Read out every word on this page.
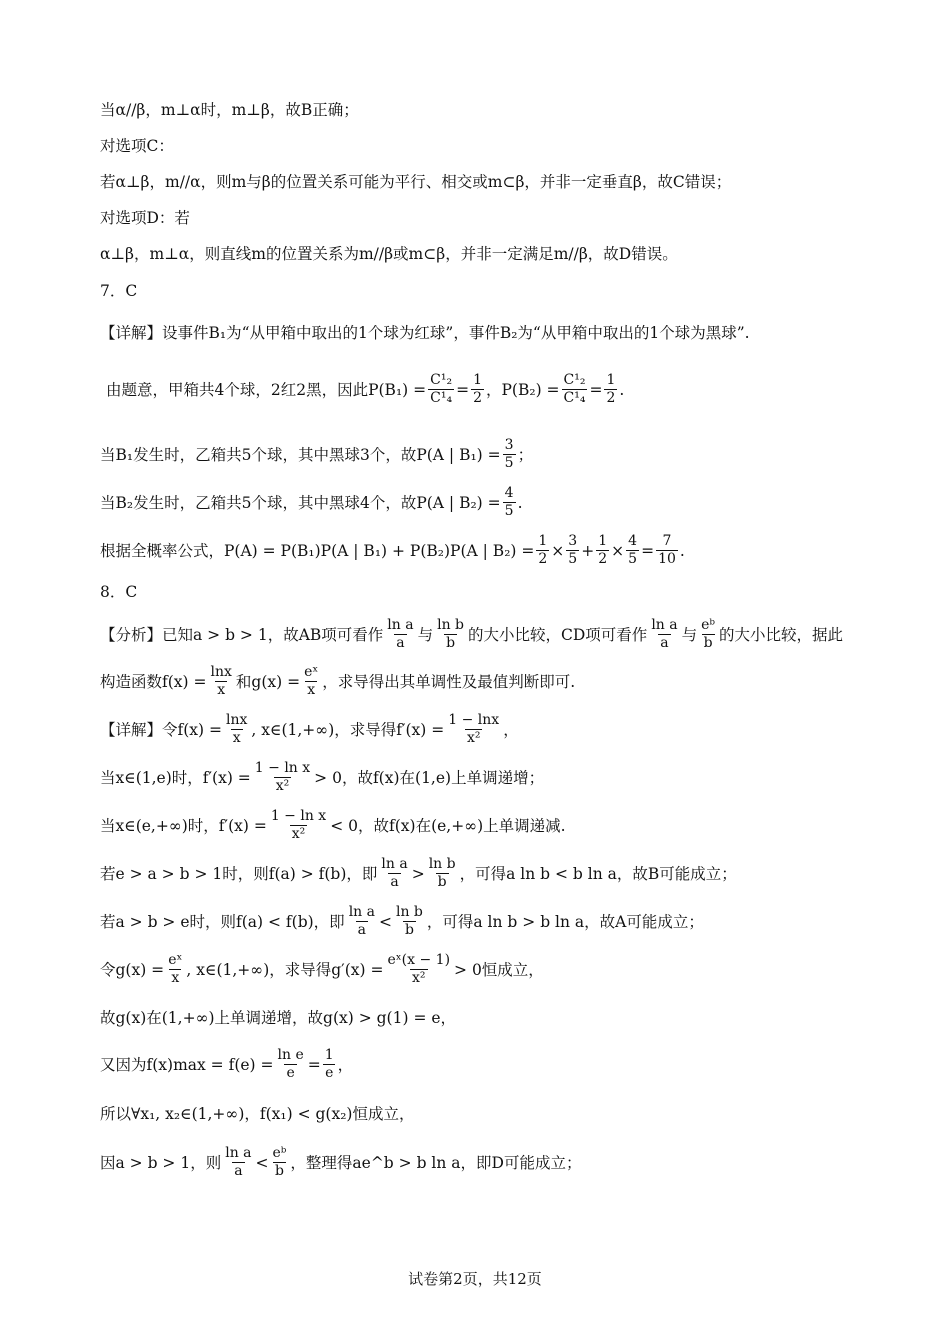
当α//β，m⊥α时，m⊥β，故B正确；
对选项C：
若α⊥β，m//α，则m与β的位置关系可能为平行、相交或m⊂β，并非一定垂直β，故C错误；
对选项D：若
α⊥β，m⊥α，则直线m的位置关系为m//β或m⊂β，并非一定满足m//β，故D错误。
7．C
【详解】设事件B₁为“从甲箱中取出的1个球为红球”，事件B₂为“从甲箱中取出的1个球为黑球”.
由题意，甲箱共4个球，2红2黑，因此$P(B_1) = \frac{\text{C¹₂}}{\text{C¹₄}} = \frac{1}{2}$ ，$P(B_2) = \frac{\text{C¹₂}}{\text{C¹₄}} = \frac{1}{2}$ .
当B₁发生时，乙箱共5个球，其中黑球3个，故P(A | $B_1) = \frac{3}{5}$ ；
当B₂发生时，乙箱共5个球，其中黑球4个，故P(A | $B_2) = \frac{4}{5}$ .
根据全概率公式，P(A) = P(B₁)P(A | B₁) + P(B₂)P(A | $B_2) = \frac{1}{2} \times \frac{3}{5} + \frac{1}{2} \times \frac{4}{5} = \frac{7}{10}$ .
8．C
【分析】已知a > b > 1，故AB项可看作 $\frac{\text{ln a}}{a}$ 与 $\frac{\text{ln b}}{b}$ 的大小比较，CD项可看作 $\frac{\text{ln a}}{a}$ 与 $\frac{\text{eᵇ}}{b}$ 的大小比较，据此
构造函数$f(x) = \frac{\ln x}{x}$ 和$g(x) = \frac{\text{eˣ}}{x}$ ，求导得出其单调性及最值判断即可.
【详解】令$f(x) = \frac{\ln x}{x}$ , x∈(1,+∞)，求导得$f'(x) = \frac{1 - \ln x}{\text{x²}}$ ，
当x∈(1,e)时，$f'(x) = \frac{\text{1 − ln x}}{\text{x²}} > 0$，故f(x)在(1,e)上单调递增；
当x∈(e,+∞)时，$f'(x) = \frac{\text{1 − ln x}}{\text{x²}} < 0$，故f(x)在(e,+∞)上单调递减.
若e > a > b > 1时，则f(a) > f(b)，即 $\frac{\text{ln a}}{a} > \frac{\text{ln b}}{b}$ ，可得a ln b < b ln a，故B可能成立；
若a > b > e时，则f(a) < f(b)，即 $\frac{\text{ln a}}{a} < \frac{\text{ln b}}{b}$ ，可得a ln b > b ln a，故A可能成立；
令$g(x) = \frac{\text{eˣ}}{x}$ , x∈(1,+∞)，求导得$g'(x) = \frac{\text{eˣ(x − 1)}}{\text{x²}} > 0$恒成立，
故g(x)在(1,+∞)上单调递增，故g(x) > g(1) = e，
又因为$f(x)\max = f(e) = \frac{\text{ln e}}{e} = \frac{1}{e}$ ，
所以∀x₁, x₂∈(1,+∞)，f(x₁) < g(x₂)恒成立，
因a > b > 1，则 $\frac{\text{ln a}}{a} < \frac{\text{eᵇ}}{b}$ ，整理得ae^b > b ln a，即D可能成立；
试卷第2页，共12页
